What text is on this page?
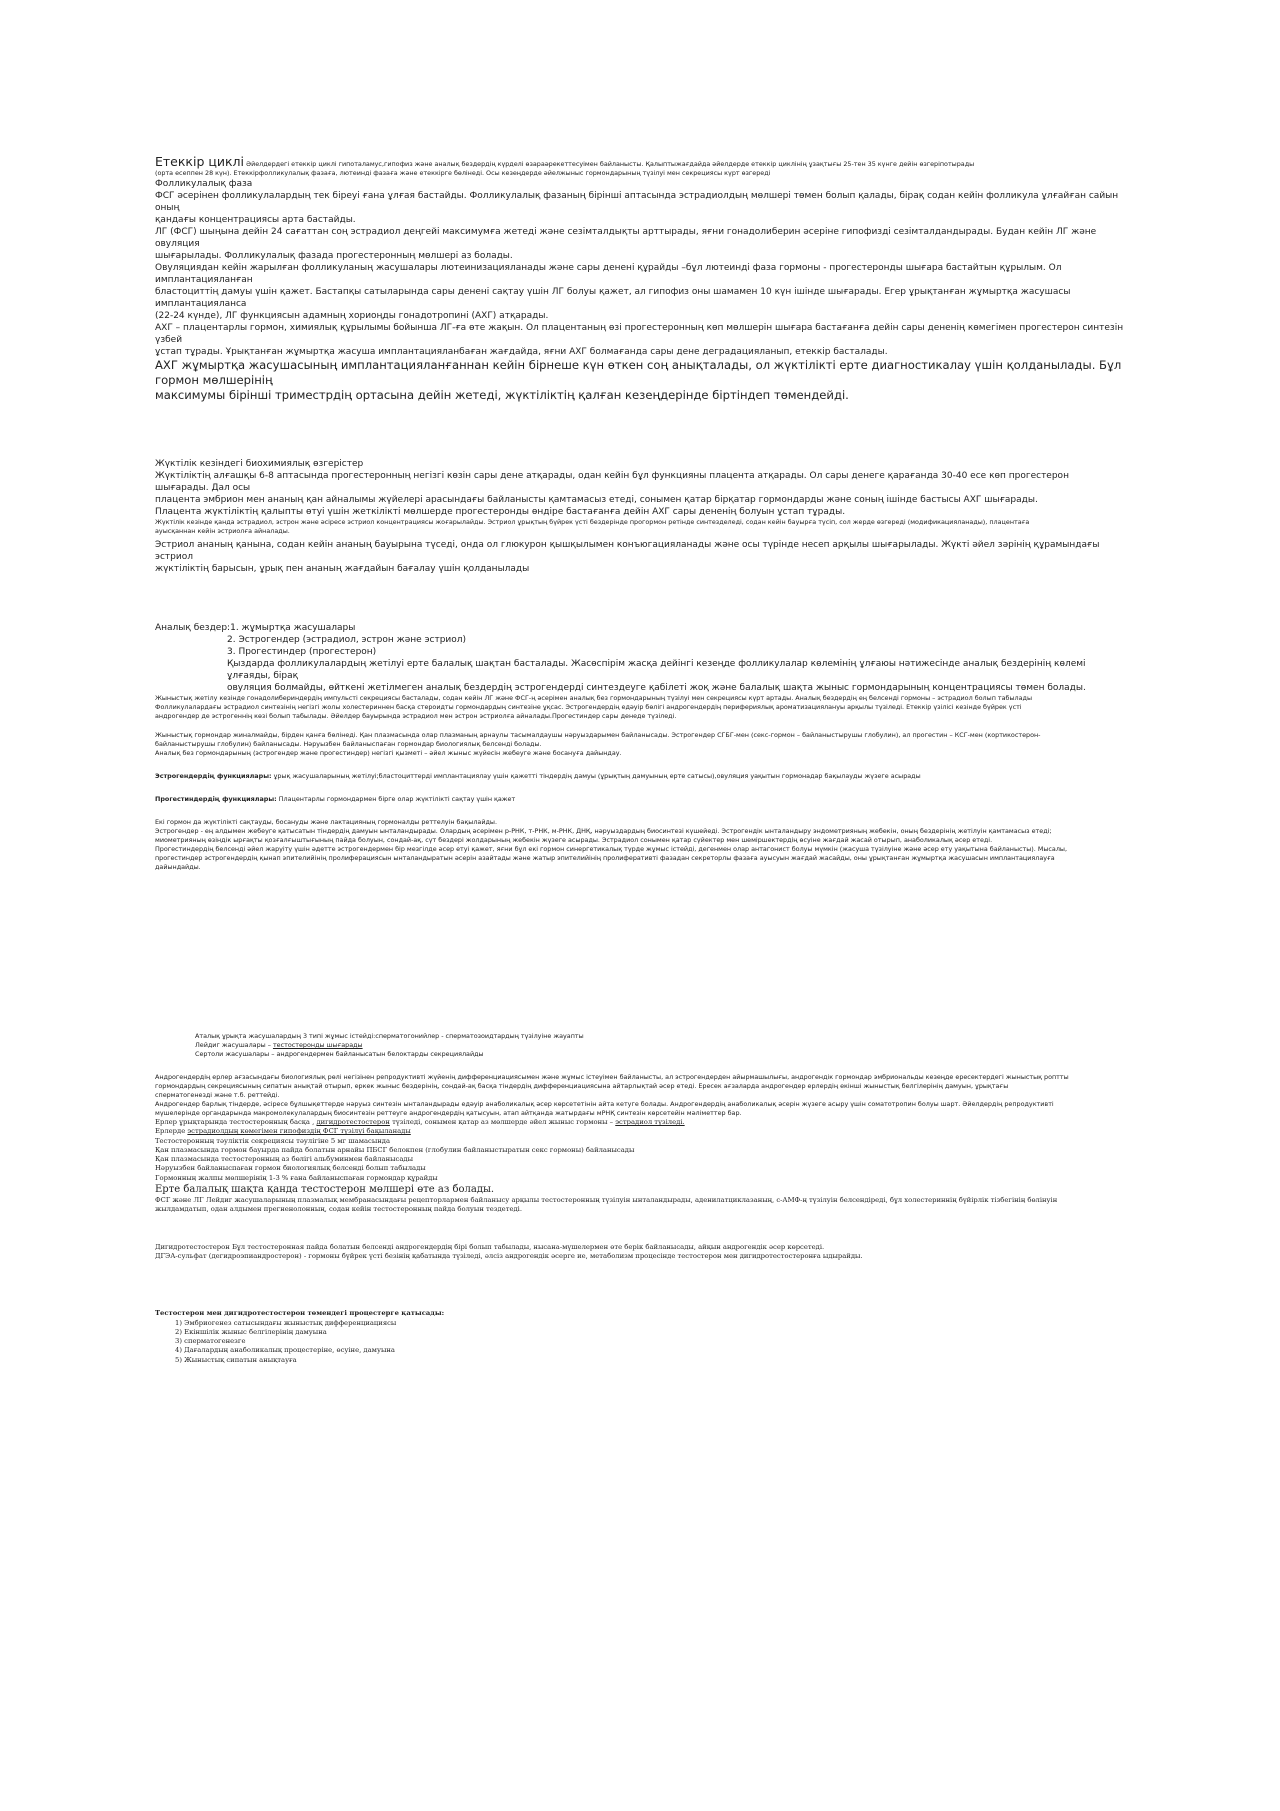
Етеккір циклі Әйелдердегі етеккір циклі гипоталамус,гипофиз және аналық бездердің күрделі өзараәрекеттесуімен байланысты. Қалыптыжағдайда әйелдерде етеккір циклінің ұзақтығы 25-тен 35 күнге дейін өзгеріпотырады

(орта есеппен 28 күн). Етеккірфолликулалық фазаға, лютеинді фазаға және етеккірге бөлінеді. Осы кезеңдерде әйелжыныс гормондарының түзілуі мен секрециясы күрт өзгереді

Фолликулалық фаза

ФСГ әсерінен фолликулалардың тек біреуі ғана ұлғая бастайды. Фолликулалық фазаның бірінші аптасында эстрадиолдың мөлшері төмен болып қалады, бірақ содан кейін фолликула ұлғайған сайын оның

қандағы концентрациясы арта бастайды.

ЛГ (ФСГ) шыңына дейін 24 сағаттан соң эстрадиол деңгейі максимумға жетеді және сезімталдықты арттырады, яғни гонадолиберин әсеріне гипофизді сезімталдандырады. Будан кейін ЛГ және овуляция

шығарылады. Фолликулалық фазада прогестеронның мөлшері аз болады.

Овуляциядан кейін жарылған фолликуланың жасушалары лютеинизацияланады және сары денені құрайды –бұл лютеинді фаза гормоны - прогестеронды шығара бастайтын құрылым. Ол имплантацияланған

бластоциттің дамуы үшін қажет. Бастапқы сатыларында сары денені сақтау үшін ЛГ болуы қажет, ал гипофиз оны шамамен 10 күн ішінде шығарады. Егер ұрықтанған жұмыртқа жасушасы имплантацияланса

(22-24 күнде), ЛГ функциясын адамның хориоңды гонадотропині (АХГ) атқарады.

АХГ – плацентарлы гормон, химиялық құрылымы бойынша ЛГ-ға өте жақын. Ол плацентаның өзі прогестеронның көп мөлшерін шығара бастағанға дейін сары дененің көмегімен прогестерон синтезін үзбей

ұстап тұрады. Ұрықтанған жұмыртқа жасуша имплантацияланбаған жағдайда, яғни АХГ болмағанда сары дене деградацияланып, етеккір басталады.

АХГ жұмыртқа жасушасының имплантацияланғаннан кейін бірнеше күн өткен соң анықталады, ол жүктілікті ерте диагностикалау үшін қолданылады. Бұл гормон мөлшерінің

максимумы бірінші триместрдің ортасына дейін жетеді, жүктіліктің қалған кезеңдерінде біртіндеп төмендейді.

Жүктілік кезіндегі биохимиялық өзгерістер

Жүктіліктің алғашқы 6-8 аптасында прогестеронның негізгі көзін сары дене атқарады, одан кейін бұл функцияны плацента атқарады. Ол сары денеге қарағанда 30-40 есе көп прогестерон шығарады. Дал осы

плацента эмбрион мен ананың қан айналымы жүйелері арасындағы байланысты қамтамасыз етеді, сонымен қатар бірқатар гормондарды және соның ішінде бастысы АХГ шығарады.

Плацента жүктіліктің қалыпты өтуі үшін жеткілікті мөлшерде прогестеронды өндіре бастағанға дейін АХГ сары дененің болуын ұстап тұрады.

Жүктілік кезінде қанда эстрадиол, эстрон және әсіресе эстриол концентрациясы жоғарылайды. Эстриол ұрықтың бүйрек үсті бездерінде прогормон ретінде синтезделеді, содан кейін бауырға түсіп, сол жерде өзгереді (модификацияланады), плацентаға

ауысқаннан кейін эстриолға айналады.

Эстриол ананың қанына, содан кейін ананың бауырына түседі, онда ол глюкурон қышқылымен конъюгацияланады және осы түрінде несеп арқылы шығарылады. Жүкті әйел зәрінің құрамындағы эстриол

жүктіліктің барысын, ұрық пен ананың жағдайын бағалау үшін қолданылады

Аналық бездер:1. жұмыртқа жасушалары

2. Эстрогендер (эстрадиол, эстрон және эстриол)

3. Прогестиндер (прогестерон)

Қыздарда фолликулалардың жетілуі ерте балалық шақтан басталады. Жасөспірім жасқа дейінгі кезеңде фолликулалар көлемінің ұлғаюы нәтижесінде аналық бездерінің көлемі ұлғаяды, бірақ

овуляция болмайды, өйткені жетілмеген аналық бездердің эстрогендерді синтездеуге қабілеті жоқ және балалық шақта жыныс гормондарының концентрациясы төмен болады.

Жыныстық жетілу кезінде гонадолибериндердің импульсті секрециясы басталады, содан кейін ЛГ және ФСГ-ң әсерімен аналық без гормондарының түзілуі мен секрециясы күрт артады. Аналық бездердің ең белсенді гормоны – эстрадиол болып табылады

Фолликулалардағы эстрадиол синтезінің негізгі жолы холестериннен басқа стероидты гормондардың синтезіне ұқсас. Эстрогендердің едәуір бөлігі андрогендердің перифериялық ароматизациялануы арқылы түзіледі. Етеккір үзілісі кезінде бүйрек үсті

андрогендер де эстрогеннің көзі болып табылады. Әйелдер бауырында эстрадиол мен эстрон эстриолға айналады.Прогестиндер сары денеде түзіледі.

Жыныстық гормондар жиналмайды, бірден қанға бөлінеді. Қан плазмасында олар плазманың арнаулы тасымалдаушы нәруыздарымен байланысады. Эстрогендер СГБГ-мен (секс-гормон – байланыстырушы глобулин), ал прогестин – КСГ-мен (кортикостерон-

байланыстырушы глобулин) байланысады. Нәруызбен байланыспаған гормондар биологиялық белсенді болады.

Аналық без гормондарының (эстрогендер және прогестиндер) негізгі қызметі – әйел жыныс жүйесін жебеуге және босануға дайындау.

Эстрогендердің функциялары: ұрық жасушаларының жетілуі;бластоциттерді имплантациялау үшін қажетті тіндердің дамуы (ұрықтың дамуының ерте сатысы),овуляция уақытын гормонадар бақылауды жүзеге асырады

Прогестиндердің функциялары: Плацентарлы гормондармен бірге олар жүктілікті сақтау үшін қажет

Екі гормон да жүктілікті сақтауды, босануды және лактацияның гормоналды реттелуін бақылайды.

Эстрогендер - ең алдымен жебеуге қатысатын тіндердің дамуын ынталандырады. Олардың әсерімен р-РНК, т-РНК, м-РНК, ДНҚ, нәруыздардың биосинтезі күшейеді. Эстрогендік ынталандыру эндометрияның жебекін, оның бездерінің жетілуін қамтамасыз етеді;

миометрияның өзіндік ырғақты қозғалғыштығының пайда болуын, сондай-ақ, сүт бездері жолдарының жебекін жүзеге асырады. Эстрадиол сонымен қатар сүйектер мен шеміршектердің өсуіне жағдай жасай отырып, анаболикалық әсер етеді.

Прогестиндердің белсенді әйел жаруіту үшін әдетте эстрогендермен бір мезгілде әсер етуі қажет, яғни бұл екі гормон синергетикалық түрде жұмыс істейді, дегенмен олар антагонист болуы мүмкін (жасуша түзілуіне және әсер ету уақытына байланысты). Мысалы,

прогестиндер эстрогендердің қынап эпителийінің пролиферациясын ынталандыратын әсерін азайтады және жатыр эпителийінің пролиферативті фазадан секреторлы фазаға ауысуын жағдай жасайды, оны ұрықтанған жұмыртқа жасушасын имплантациялауға

дайындайды.

Аталық ұрықта жасушалардың 3 типі жұмыс істейді:сперматогонийлер - сперматозоидтардың түзілуіне жауапты

Лейдиг жасушалары – тестостеронды шығарады

Сертоли жасушалары – андрогендермен байланысатын белоктарды секрециялайды

Андрогендердің ерлер ағзасындағы биологиялық рөлі негізінен репродуктивті жүйенің дифференциациясымен және жұмыс істеуімен байланысты, ал эстрогендерден айырмашылығы, андрогендік гормондар эмбриональды кезеңде ересектердегі жыныстық роптты

гормондардың секрециясының сипатын анықтай отырып, еркек жыныс бездерінің, сондай-ақ басқа тіндердің дифференциациясына айтарлықтай әсер етеді. Ересек ағзаларда андрогендер ерлердің екінші жыныстық белгілерінің дамуын, ұрықтағы

сперматогенезді және т.б. реттейді.

Андрогендер барлық тіндерде, әсіресе бұлшықеттерде нәруыз синтезін ынталандырады едәуір анаболикалық әсер көрсететінін айта кетуге болады. Андрогендердің анаболикалық әсерін жүзеге асыру үшін соматотропин болуы шарт. Әйелдердің репродуктивті

мүшелерінде органдарында макромолекулалардың биосинтезін реттеуге андрогендердің қатысуын, атап айтқанда жатырдағы мРНҚ синтезін көрсетейін мәліметтер бар.

Ерлер ұрықтарында тестостеронның басқа , дигидротестостерон түзіледі, сонымен қатар аз мөлшерде әйел жыныс гормоны – эстрадиол түзіледі.

Ерлерде эстрадиолдың көмегімен гипофиздің ФСГ түзілуі бақыланады

Тестостеронның тәуліктік секрециясы тәулігіне 5 мг шамасында

Қан плазмасында гормон бауырда пайда болатын арнайы ПБСГ белокпен (глобулин байланыстыратын секс гормоны) байланысады

Қан плазмасында тестостеронның аз бөлігі альбуминмен байланысады

Нәруызбен байланыспаған гормон биологиялық белсенді болып табылады

Гормонның жалпы мөлшерінің 1-3 % ғана байланыспаған гормондар құрайды

Ерте балалық шақта қанда тестостерон мөлшері өте аз болады.

ФСГ және ЛГ Лейдиг жасушаларының плазмалық мембранасындағы рецепторлармен байланысу арқылы тестостеронның түзілуін ынталандырады, аденилатциклазаның, с-АМФ-ң түзілуін белсендіреді, бұл холестериннің бүйірлік тізбегінің бөлінуін

жылдамдатып, одан алдымен прегненолонның, содан кейін тестостеронның пайда болуын тездетеді.

Дигидротестостерон Бұл тестостеронная пайда болатын белсенді андрогендердің бірі болып табылады, нысана-мүшелермен өте берік байланысады, айқын андрогендік әсер көрсетеді.

ДГЭА-сульфат (дегидроэпиандростерон) - гормоны бүйрек үсті безінің қабатында түзіледі, әлсіз андрогендік әсерге ие, метаболизм процесінде тестостерон мен дигидротестостеронға ыдырайды.

Тестостерон мен дигидротестостерон төмендегі процестерге қатысады:

1) Эмбриогенез сатысындағы жыныстық дифференциациясы

2) Екіншілік жыныс белгілерінің дамуына

3) сперматогенезге

4) Дағалардың анаболикалық процестеріне, өсуіне, дамуына

5) Жыныстық сипатын анықтауға
